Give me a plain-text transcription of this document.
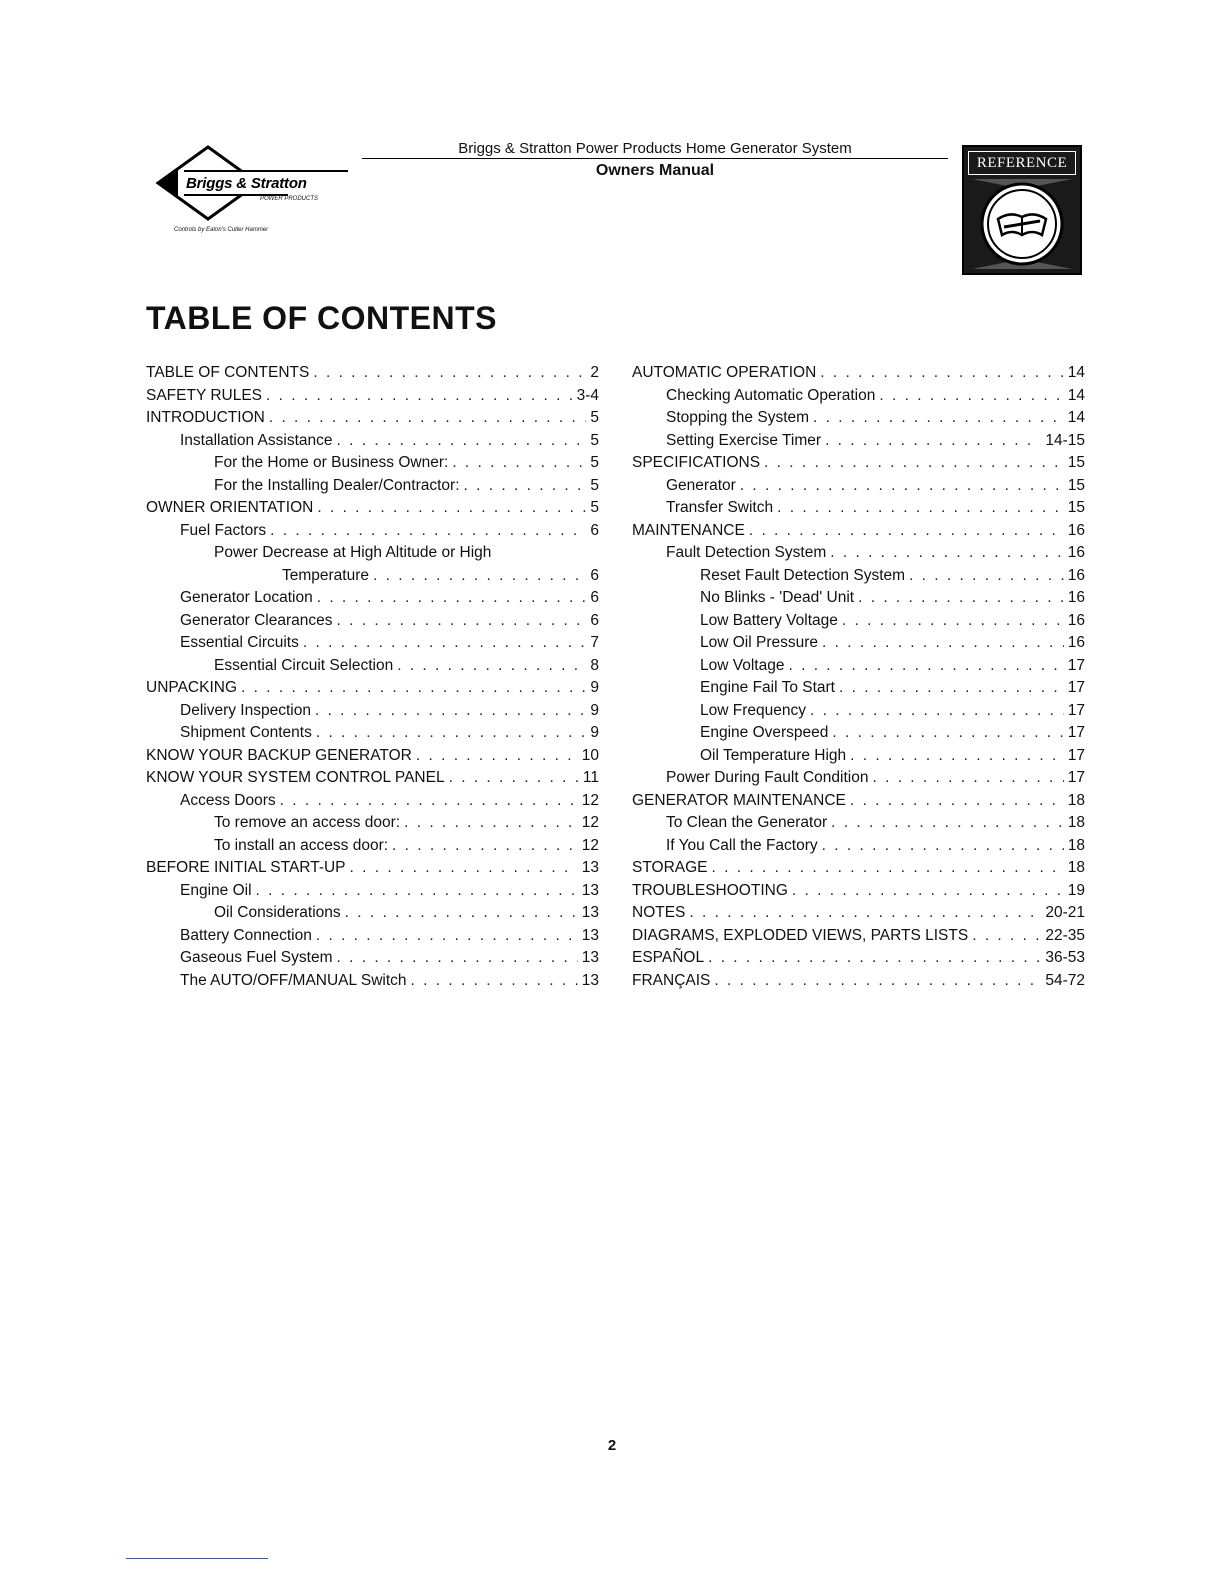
Briggs & Stratton
POWER PRODUCTS
Controls by Eaton's Cutler Hammer
Briggs & Stratton Power Products Home Generator System
Owners Manual	REFERENCE
TABLE OF CONTENTS
TABLE OF CONTENTS . . .	2
SAFETY RULES . . .	3-4
INTRODUCTION . . .	5
Installation Assistance . . .	5
For the Home or Business Owner: . . .	5
For the Installing Dealer/Contractor: . . .	5
OWNER ORIENTATION . . .	5
Fuel Factors . . .	6
Power Decrease at High Altitude or High
Temperature . . .	6
Generator Location . . .	6
Generator Clearances . . .	6
Essential Circuits . . .	7
Essential Circuit Selection . . .	8
UNPACKING . . .	9
Delivery Inspection . . .	9
Shipment Contents . . .	9
KNOW YOUR BACKUP GENERATOR . . .	10
KNOW YOUR SYSTEM CONTROL PANEL . . .	11
Access Doors . . .	12
To remove an access door: . . .	12
To install an access door: . . .	12
BEFORE INITIAL START-UP . . .	13
Engine Oil . . .	13
Oil Considerations . . .	13
Battery Connection . . .	13
Gaseous Fuel System . . .	13
The AUTO/OFF/MANUAL Switch . . .	13
AUTOMATIC OPERATION . . .	14
Checking Automatic Operation . . .	14
Stopping the System . . .	14
Setting Exercise Timer . . .	14-15
SPECIFICATIONS . . .	15
Generator . . .	15
Transfer Switch . . .	15
MAINTENANCE . . .	16
Fault Detection System . . .	16
Reset Fault Detection System . . .	16
No Blinks - 'Dead' Unit . . .	16
Low Battery Voltage . . .	16
Low Oil Pressure . . .	16
Low Voltage . . .	17
Engine Fail To Start . . .	17
Low Frequency . . .	17
Engine Overspeed . . .	17
Oil Temperature High . . .	17
Power During Fault Condition . . .	17
GENERATOR MAINTENANCE . . .	18
To Clean the Generator . . .	18
If You Call the Factory . . .	18
STORAGE . . .	18
TROUBLESHOOTING . . .	19
NOTES . . .	20-21
DIAGRAMS, EXPLODED VIEWS, PARTS LISTS . . .	22-35
ESPAÑOL . . .	36-53
FRANÇAIS . . .	54-72
2
